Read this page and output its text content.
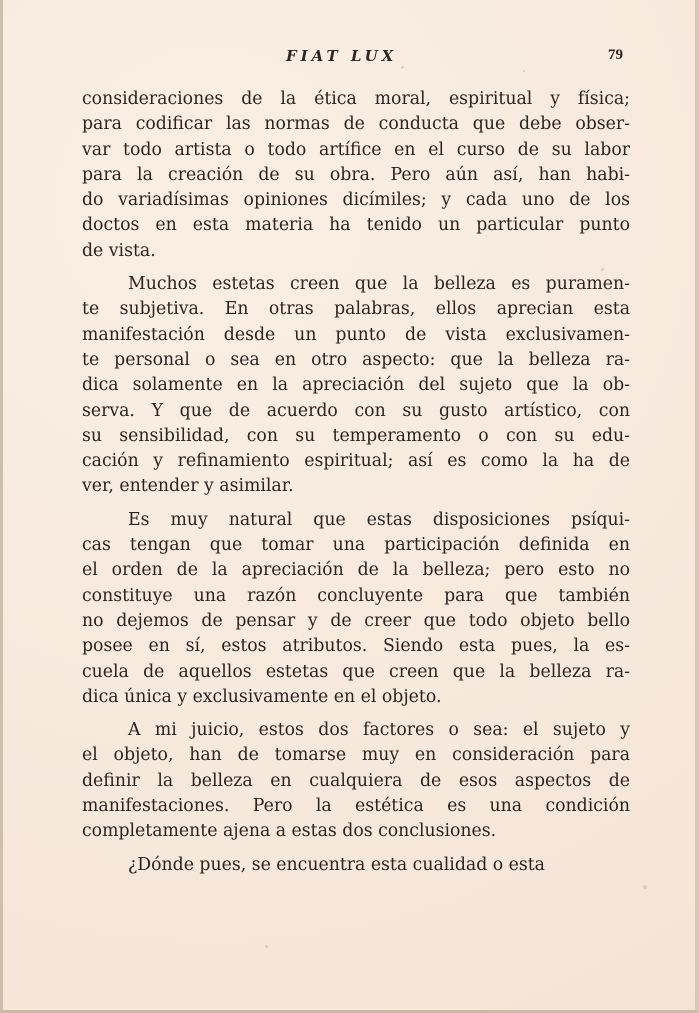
FIAT LUX	79
consideraciones de la ética moral, espiritual y física;
para codificar las normas de conducta que debe obser-
var todo artista o todo artífice en el curso de su labor
para la creación de su obra. Pero aún así, han habi-
do variadísimas opiniones dicímiles; y cada uno de los
doctos en esta materia ha tenido un particular punto
de vista.
Muchos estetas creen que la belleza es puramen-
te subjetiva. En otras palabras, ellos aprecian esta
manifestación desde un punto de vista exclusivamen-
te personal o sea en otro aspecto: que la belleza ra-
dica solamente en la apreciación del sujeto que la ob-
serva. Y que de acuerdo con su gusto artístico, con
su sensibilidad, con su temperamento o con su edu-
cación y refinamiento espiritual; así es como la ha de
ver, entender y asimilar.
Es muy natural que estas disposiciones psíqui-
cas tengan que tomar una participación definida en
el orden de la apreciación de la belleza; pero esto no
constituye una razón concluyente para que también
no dejemos de pensar y de creer que todo objeto bello
posee en sí, estos atributos. Siendo esta pues, la es-
cuela de aquellos estetas que creen que la belleza ra-
dica única y exclusivamente en el objeto.
A mi juicio, estos dos factores o sea: el sujeto y
el objeto, han de tomarse muy en consideración para
definir la belleza en cualquiera de esos aspectos de
manifestaciones. Pero la estética es una condición
completamente ajena a estas dos conclusiones.
¿Dónde pues, se encuentra esta cualidad o esta
